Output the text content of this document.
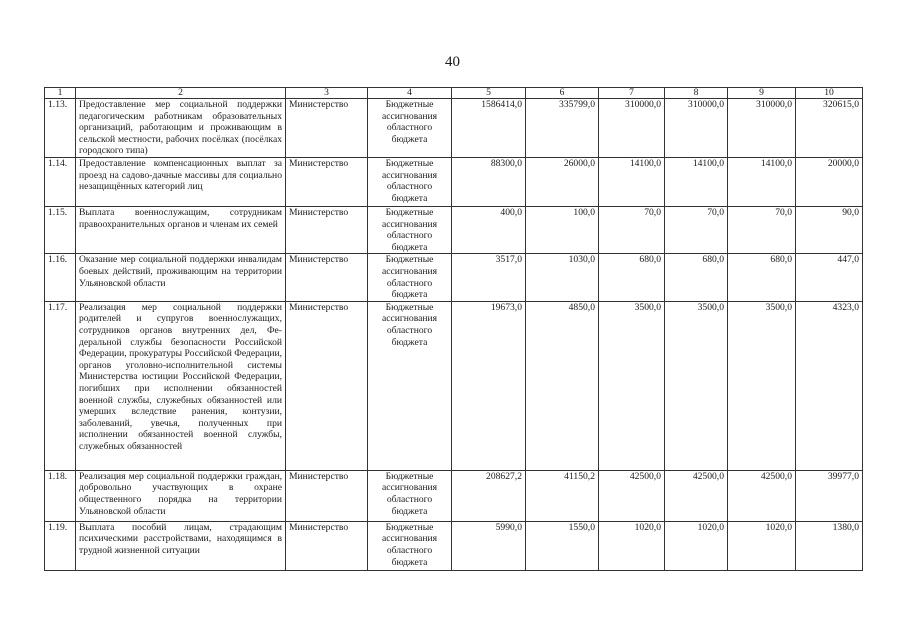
40
1	2	3	4	5	6	7	8	9	10
1.13.	Предоставление мер социальной поддержки педагогическим работникам образовательных организаций, работающим и проживающим в сельской местности, рабочих посёлках (посёлках городского типа)	Министерство	Бюджетные ассигнования областного бюджета	1586414,0	335799,0	310000,0	310000,0	310000,0	320615,0
1.14.	Предоставление компенсационных выплат за проезд на садово-дачные массивы для социально незащищённых категорий лиц	Министерство	Бюджетные ассигнования областного бюджета	88300,0	26000,0	14100,0	14100,0	14100,0	20000,0
1.15.	Выплата военнослужащим, сотрудникам правоохранительных органов и членам их семей	Министерство	Бюджетные ассигнования областного бюджета	400,0	100,0	70,0	70,0	70,0	90,0
1.16.	Оказание мер социальной поддержки инвалидам боевых действий, проживающим на территории Ульяновской области	Министерство	Бюджетные ассигнования областного бюджета	3517,0	1030,0	680,0	680,0	680,0	447,0
1.17.	Реализация мер социальной поддержки родителей и супругов военнослужащих, сотрудников органов внутренних дел, Федеральной службы безопасности Российской Федерации, прокуратуры Российской Федерации, органов уголовно-исполнительной системы Министерства юстиции Российской Федерации, погибших при исполнении обязанностей военной службы, служебных обязанностей или умерших вследствие ранения, контузии, заболеваний, увечья, полученных при исполнении обязанностей военной службы, служебных обязанностей	Министерство	Бюджетные ассигнования областного бюджета	19673,0	4850,0	3500,0	3500,0	3500,0	4323,0
1.18.	Реализация мер социальной поддержки граждан, добровольно участвующих в охране общественного порядка на территории Ульяновской области	Министерство	Бюджетные ассигнования областного бюджета	208627,2	41150,2	42500,0	42500,0	42500,0	39977,0
1.19.	Выплата пособий лицам, страдающим психическими расстройствами, находящимся в трудной жизненной ситуации	Министерство	Бюджетные ассигнования областного бюджета	5990,0	1550,0	1020,0	1020,0	1020,0	1380,0
